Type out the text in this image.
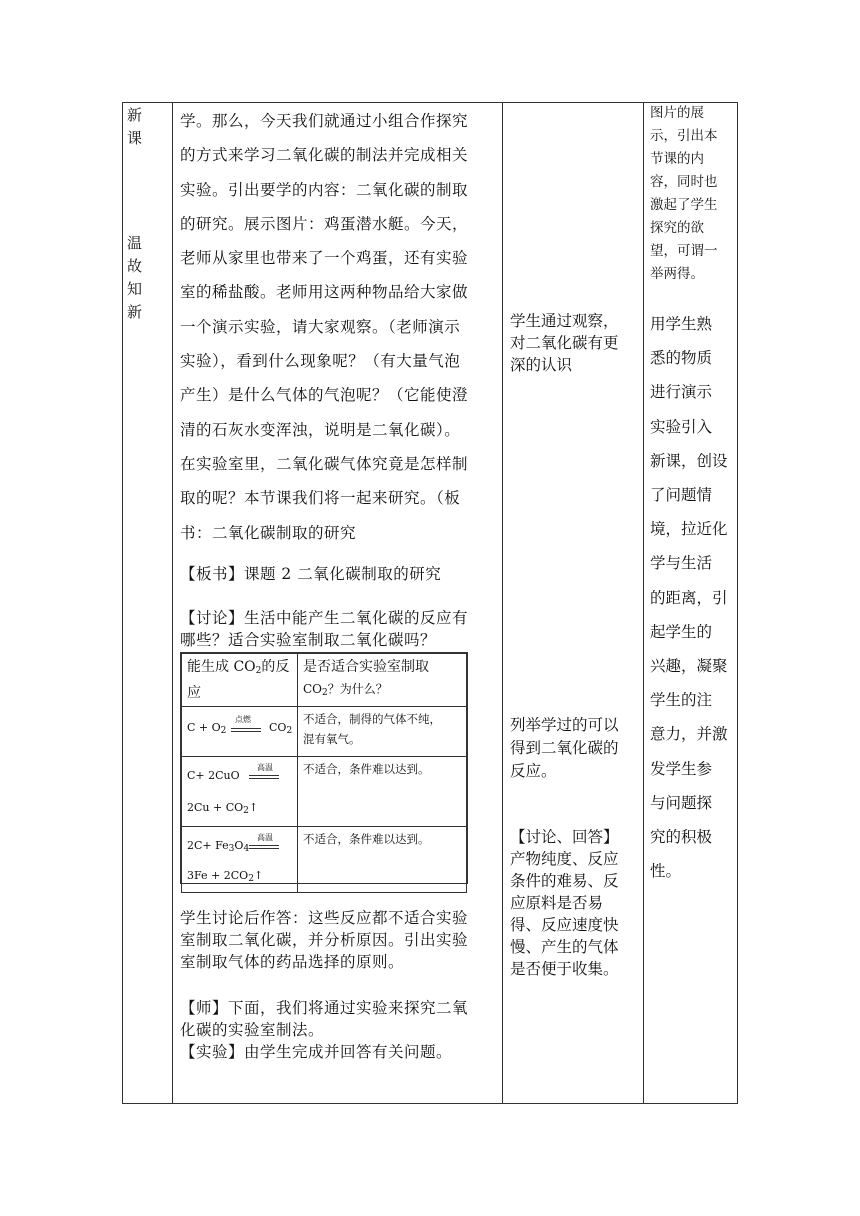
新
课
温
故
知
新

学。那么，今天我们就通过小组合作探究

的方式来学习二氧化碳的制法并完成相关

实验。引出要学的内容：二氧化碳的制取

的研究。展示图片：鸡蛋潜水艇。今天，

老师从家里也带来了一个鸡蛋，还有实验

室的稀盐酸。老师用这两种物品给大家做

一个演示实验，请大家观察。（老师演示

实验），看到什么现象呢？（有大量气泡

产生）是什么气体的气泡呢？（它能使澄

清的石灰水变浑浊，说明是二氧化碳）。

在实验室里，二氧化碳气体究竟是怎样制

取的呢？本节课我们将一起来研究。（板

书：二氧化碳制取的研究

【板书】课题 2 二氧化碳制取的研究

【讨论】生活中能产生二氧化碳的反应有

哪些？适合实验室制取二氧化碳吗？

能生成 $CO_2$的反
应	是否适合实验室制取
$CO_2$？为什么？

$C + O_2$
点燃
$CO_2$	不适合，制得的气体不纯，
混有氧气。

C+ 2CuO
高温
$2Cu + CO_2↑$	不适合，条件难以达到。

$2C+ Fe_3O_4$
高温
$3Fe + 2CO_2↑$	不适合，条件难以达到。

学生讨论后作答：这些反应都不适合实验

室制取二氧化碳，并分析原因。引出实验

室制取气体的药品选择的原则。

【师】下面，我们将通过实验来探究二氧

化碳的实验室制法。

【实验】由学生完成并回答有关问题。

学生通过观察，

对二氧化碳有更

深的认识

列举学过的可以

得到二氧化碳的

反应。

【讨论、回答】

产物纯度、反应

条件的难易、反

应原料是否易

得、反应速度快

慢、产生的气体

是否便于收集。

图片的展

示，引出本

节课的内

容，同时也

激起了学生

探究的欲

望，可谓一

举两得。

用学生熟

悉的物质

进行演示

实验引入

新课，创设

了问题情

境，拉近化

学与生活

的距离，引

起学生的

兴趣，凝聚

学生的注

意力，并激

发学生参

与问题探

究的积极

性。
